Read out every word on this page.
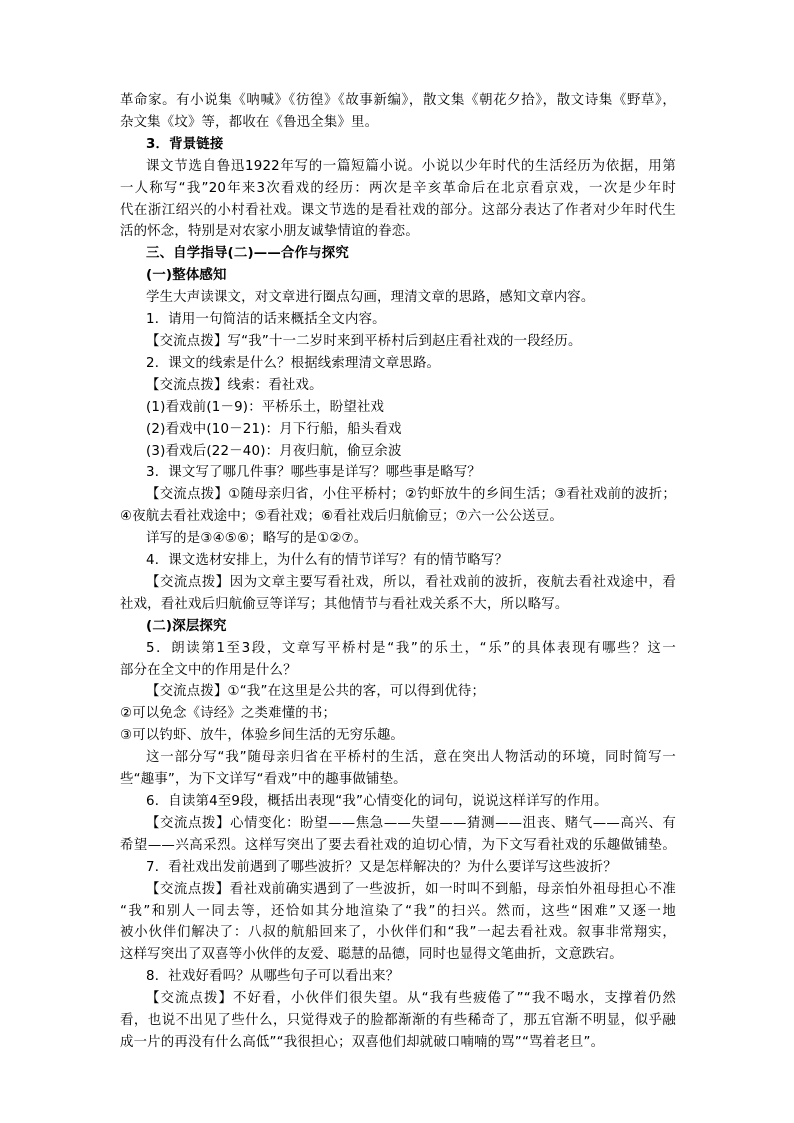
革命家。有小说集《呐喊》《彷徨》《故事新编》，散文集《朝花夕拾》，散文诗集《野草》，
杂文集《坟》等，都收在《鲁迅全集》里。
3．背景链接
课文节选自鲁迅1922年写的一篇短篇小说。小说以少年时代的生活经历为依据，用第
一人称写“我”20年来3次看戏的经历：两次是辛亥革命后在北京看京戏，一次是少年时
代在浙江绍兴的小村看社戏。课文节选的是看社戏的部分。这部分表达了作者对少年时代生
活的怀念，特别是对农家小朋友诚挚情谊的眷恋。
三、自学指导(二)——合作与探究
(一)整体感知
学生大声读课文，对文章进行圈点勾画，理清文章的思路，感知文章内容。
1．请用一句简洁的话来概括全文内容。
【交流点拨】写“我”十一二岁时来到平桥村后到赵庄看社戏的一段经历。
2．课文的线索是什么？根据线索理清文章思路。
【交流点拨】线索：看社戏。
(1)看戏前(1－9)：平桥乐土，盼望社戏
(2)看戏中(10－21)：月下行船，船头看戏
(3)看戏后(22－40)：月夜归航，偷豆余波
3．课文写了哪几件事？哪些事是详写？哪些事是略写？
【交流点拨】①随母亲归省，小住平桥村；②钓虾放牛的乡间生活；③看社戏前的波折；
④夜航去看社戏途中；⑤看社戏；⑥看社戏后归航偷豆；⑦六一公公送豆。
详写的是③④⑤⑥；略写的是①②⑦。
4．课文选材安排上，为什么有的情节详写？有的情节略写？
【交流点拨】因为文章主要写看社戏，所以，看社戏前的波折，夜航去看社戏途中，看
社戏，看社戏后归航偷豆等详写；其他情节与看社戏关系不大，所以略写。
(二)深层探究
5．朗读第1至3段，文章写平桥村是“我”的乐土，“乐”的具体表现有哪些？这一
部分在全文中的作用是什么？
【交流点拨】①“我”在这里是公共的客，可以得到优待；
②可以免念《诗经》之类难懂的书；
③可以钓虾、放牛，体验乡间生活的无穷乐趣。
这一部分写“我”随母亲归省在平桥村的生活，意在突出人物活动的环境，同时简写一
些“趣事”，为下文详写“看戏”中的趣事做铺垫。
6．自读第4至9段，概括出表现“我”心情变化的词句，说说这样详写的作用。
【交流点拨】心情变化：盼望——焦急——失望——猜测——沮丧、赌气——高兴、有
希望——兴高采烈。这样写突出了要去看社戏的迫切心情，为下文写看社戏的乐趣做铺垫。
7．看社戏出发前遇到了哪些波折？又是怎样解决的？为什么要详写这些波折？
【交流点拨】看社戏前确实遇到了一些波折，如一时叫不到船，母亲怕外祖母担心不准
“我”和别人一同去等，还恰如其分地渲染了“我”的扫兴。然而，这些“困难”又逐一地
被小伙伴们解决了：八叔的航船回来了，小伙伴们和“我”一起去看社戏。叙事非常翔实，
这样写突出了双喜等小伙伴的友爱、聪慧的品德，同时也显得文笔曲折，文意跌宕。
8．社戏好看吗？从哪些句子可以看出来？
【交流点拨】不好看，小伙伴们很失望。从“我有些疲倦了”“我不喝水，支撑着仍然
看，也说不出见了些什么，只觉得戏子的脸都渐渐的有些稀奇了，那五官渐不明显，似乎融
成一片的再没有什么高低”“我很担心；双喜他们却就破口喃喃的骂”“骂着老旦”。
